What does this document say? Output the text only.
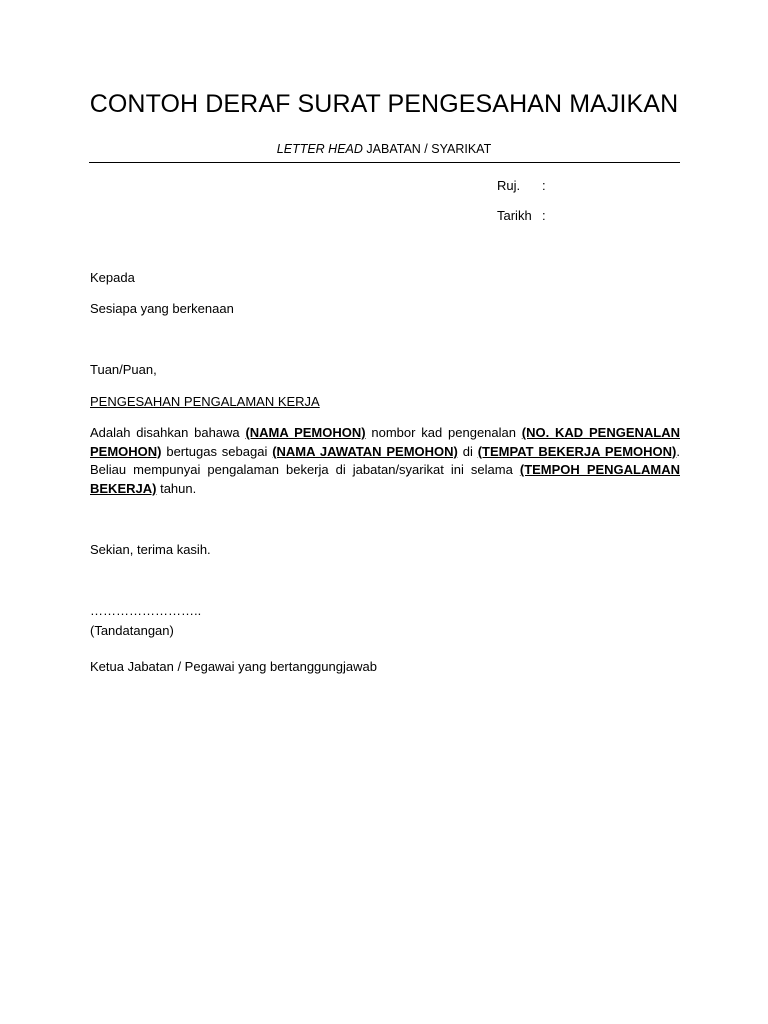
CONTOH DERAF SURAT PENGESAHAN MAJIKAN
LETTER HEAD JABATAN / SYARIKAT
Ruj. :
Tarikh :
Kepada
Sesiapa yang berkenaan
Tuan/Puan,
PENGESAHAN PENGALAMAN KERJA
Adalah disahkan bahawa (NAMA PEMOHON) nombor kad pengenalan (NO. KAD PENGENALAN PEMOHON) bertugas sebagai (NAMA JAWATAN PEMOHON) di (TEMPAT BEKERJA PEMOHON). Beliau mempunyai pengalaman bekerja di jabatan/syarikat ini selama (TEMPOH PENGALAMAN BEKERJA) tahun.
Sekian, terima kasih.
……………………..
(Tandatangan)
Ketua Jabatan / Pegawai yang bertanggungjawab
